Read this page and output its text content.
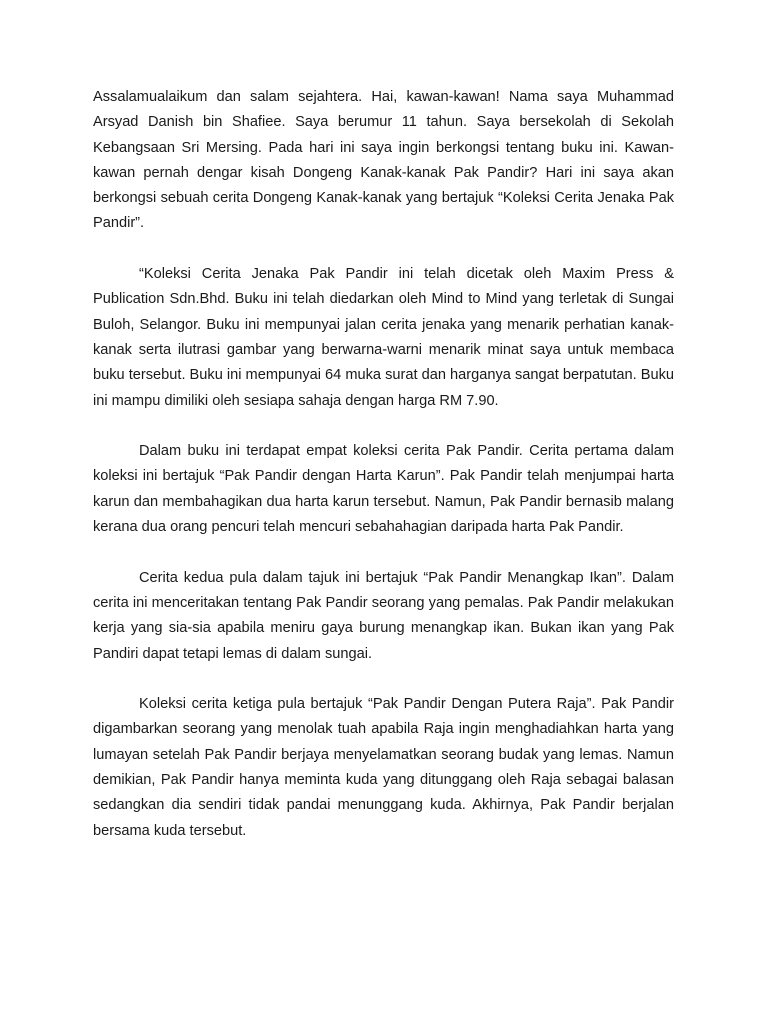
Assalamualaikum dan salam sejahtera. Hai, kawan-kawan! Nama saya Muhammad Arsyad Danish bin Shafiee. Saya berumur 11 tahun. Saya bersekolah di Sekolah Kebangsaan Sri Mersing. Pada hari ini saya ingin berkongsi tentang buku ini. Kawan-kawan pernah dengar kisah Dongeng Kanak-kanak Pak Pandir? Hari ini saya akan berkongsi sebuah cerita Dongeng Kanak-kanak yang bertajuk “Koleksi Cerita Jenaka Pak Pandir”.

“Koleksi Cerita Jenaka Pak Pandir ini telah dicetak oleh Maxim Press & Publication Sdn.Bhd. Buku ini telah diedarkan oleh Mind to Mind yang terletak di Sungai Buloh, Selangor. Buku ini mempunyai jalan cerita jenaka yang menarik perhatian kanak-kanak serta ilutrasi gambar yang berwarna-warni menarik minat saya untuk membaca buku tersebut. Buku ini mempunyai 64 muka surat dan harganya sangat berpatutan. Buku ini mampu dimiliki oleh sesiapa sahaja dengan harga RM 7.90.

Dalam buku ini terdapat empat koleksi cerita Pak Pandir. Cerita pertama dalam koleksi ini bertajuk “Pak Pandir dengan Harta Karun”. Pak Pandir telah menjumpai harta karun dan membahagikan dua harta karun tersebut. Namun, Pak Pandir bernasib malang kerana dua orang pencuri telah mencuri sebahahagian daripada harta Pak Pandir.

Cerita kedua pula dalam tajuk ini bertajuk “Pak Pandir Menangkap Ikan”. Dalam cerita ini menceritakan tentang Pak Pandir seorang yang pemalas. Pak Pandir melakukan kerja yang sia-sia apabila meniru gaya burung menangkap ikan. Bukan ikan yang Pak Pandiri dapat tetapi lemas di dalam sungai.

Koleksi cerita ketiga pula bertajuk “Pak Pandir Dengan Putera Raja”. Pak Pandir digambarkan seorang yang menolak tuah apabila Raja ingin menghadiahkan harta yang lumayan setelah Pak Pandir berjaya menyelamatkan seorang budak yang lemas. Namun demikian, Pak Pandir hanya meminta kuda yang ditunggang oleh Raja sebagai balasan sedangkan dia sendiri tidak pandai menunggang kuda. Akhirnya, Pak Pandir berjalan bersama kuda tersebut.
